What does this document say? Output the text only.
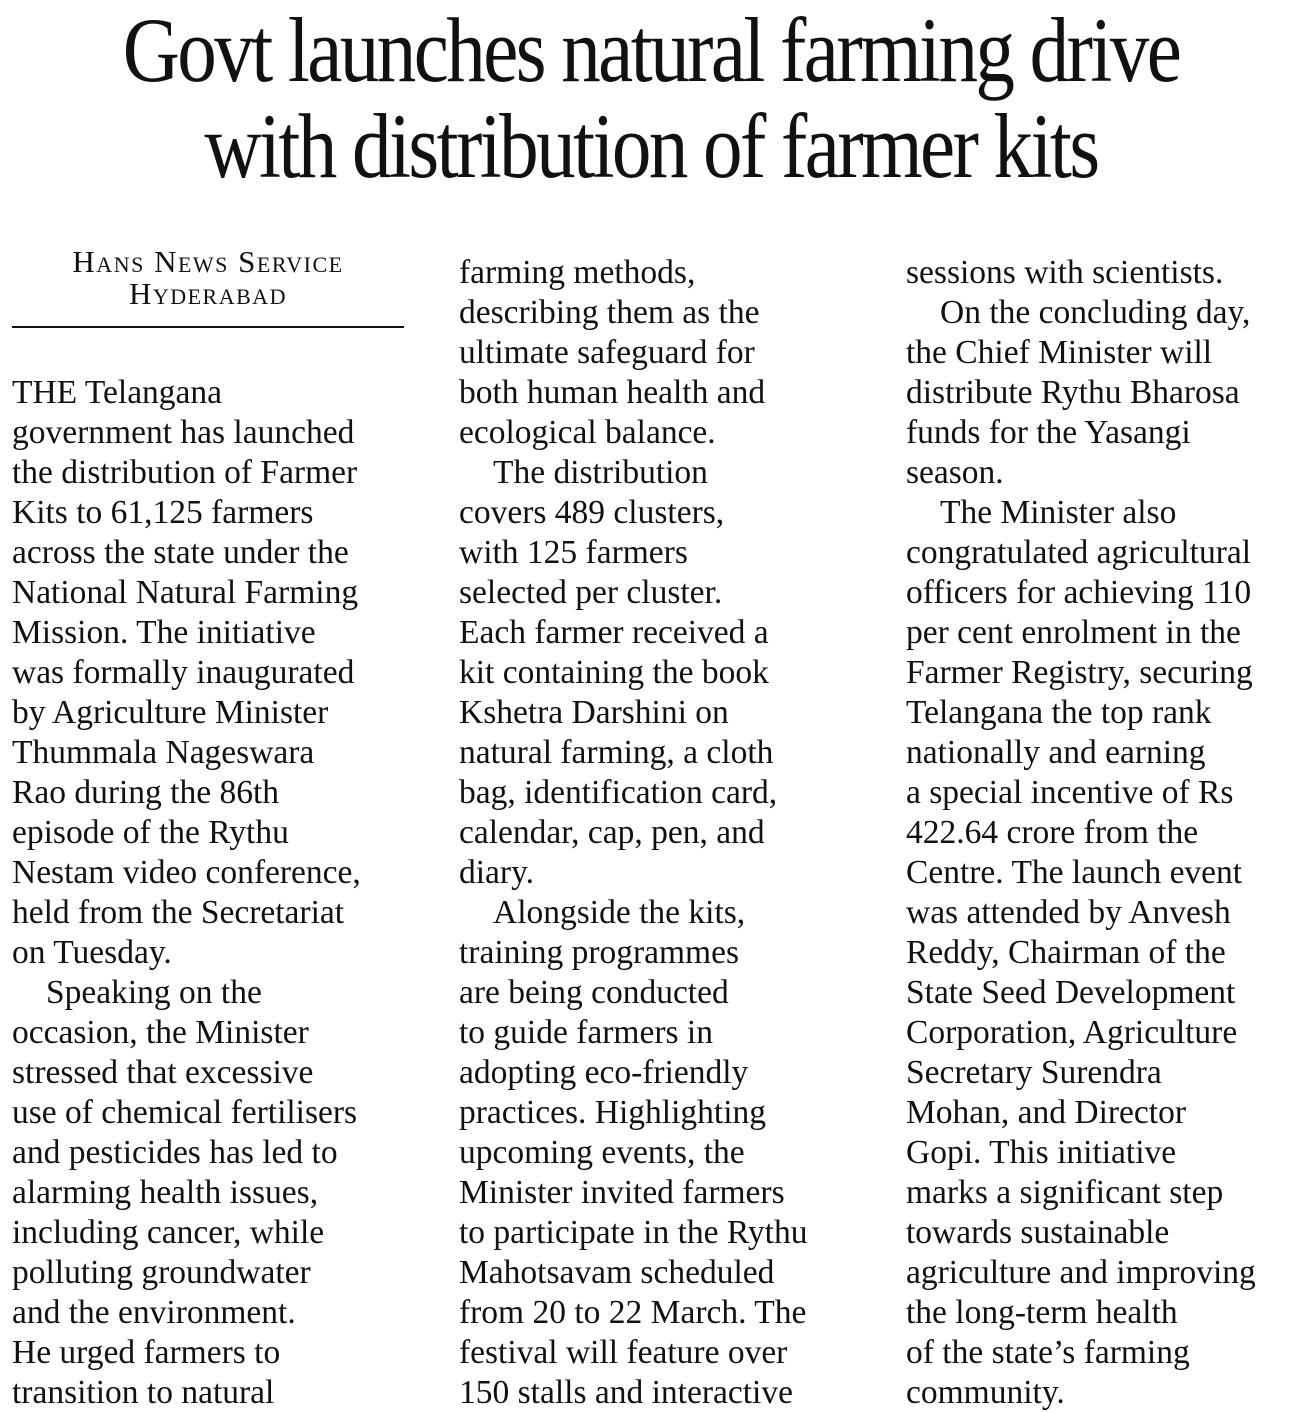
Govt launches natural farming drive
with distribution of farmer kits
Hans News Service
Hyderabad

THE Telangana
government has launched
the distribution of Farmer
Kits to 61,125 farmers
across the state under the
National Natural Farming
Mission. The initiative
was formally inaugurated
by Agriculture Minister
Thummala Nageswara
Rao during the 86th
episode of the Rythu
Nestam video conference,
held from the Secretariat
on Tuesday.

Speaking on the
occasion, the Minister
stressed that excessive
use of chemical fertilisers
and pesticides has led to
alarming health issues,
including cancer, while
polluting groundwater
and the environment.
He urged farmers to
transition to natural

farming methods,
describing them as the
ultimate safeguard for
both human health and
ecological balance.

The distribution
covers 489 clusters,
with 125 farmers
selected per cluster.
Each farmer received a
kit containing the book
Kshetra Darshini on
natural farming, a cloth
bag, identification card,
calendar, cap, pen, and
diary.

Alongside the kits,
training programmes
are being conducted
to guide farmers in
adopting eco-friendly
practices. Highlighting
upcoming events, the
Minister invited farmers
to participate in the Rythu
Mahotsavam scheduled
from 20 to 22 March. The
festival will feature over
150 stalls and interactive

sessions with scientists.

On the concluding day,
the Chief Minister will
distribute Rythu Bharosa
funds for the Yasangi
season.

The Minister also
congratulated agricultural
officers for achieving 110
per cent enrolment in the
Farmer Registry, securing
Telangana the top rank
nationally and earning
a special incentive of Rs
422.64 crore from the
Centre. The launch event
was attended by Anvesh
Reddy, Chairman of the
State Seed Development
Corporation, Agriculture
Secretary Surendra
Mohan, and Director
Gopi. This initiative
marks a significant step
towards sustainable
agriculture and improving
the long-term health
of the state’s farming
community.
